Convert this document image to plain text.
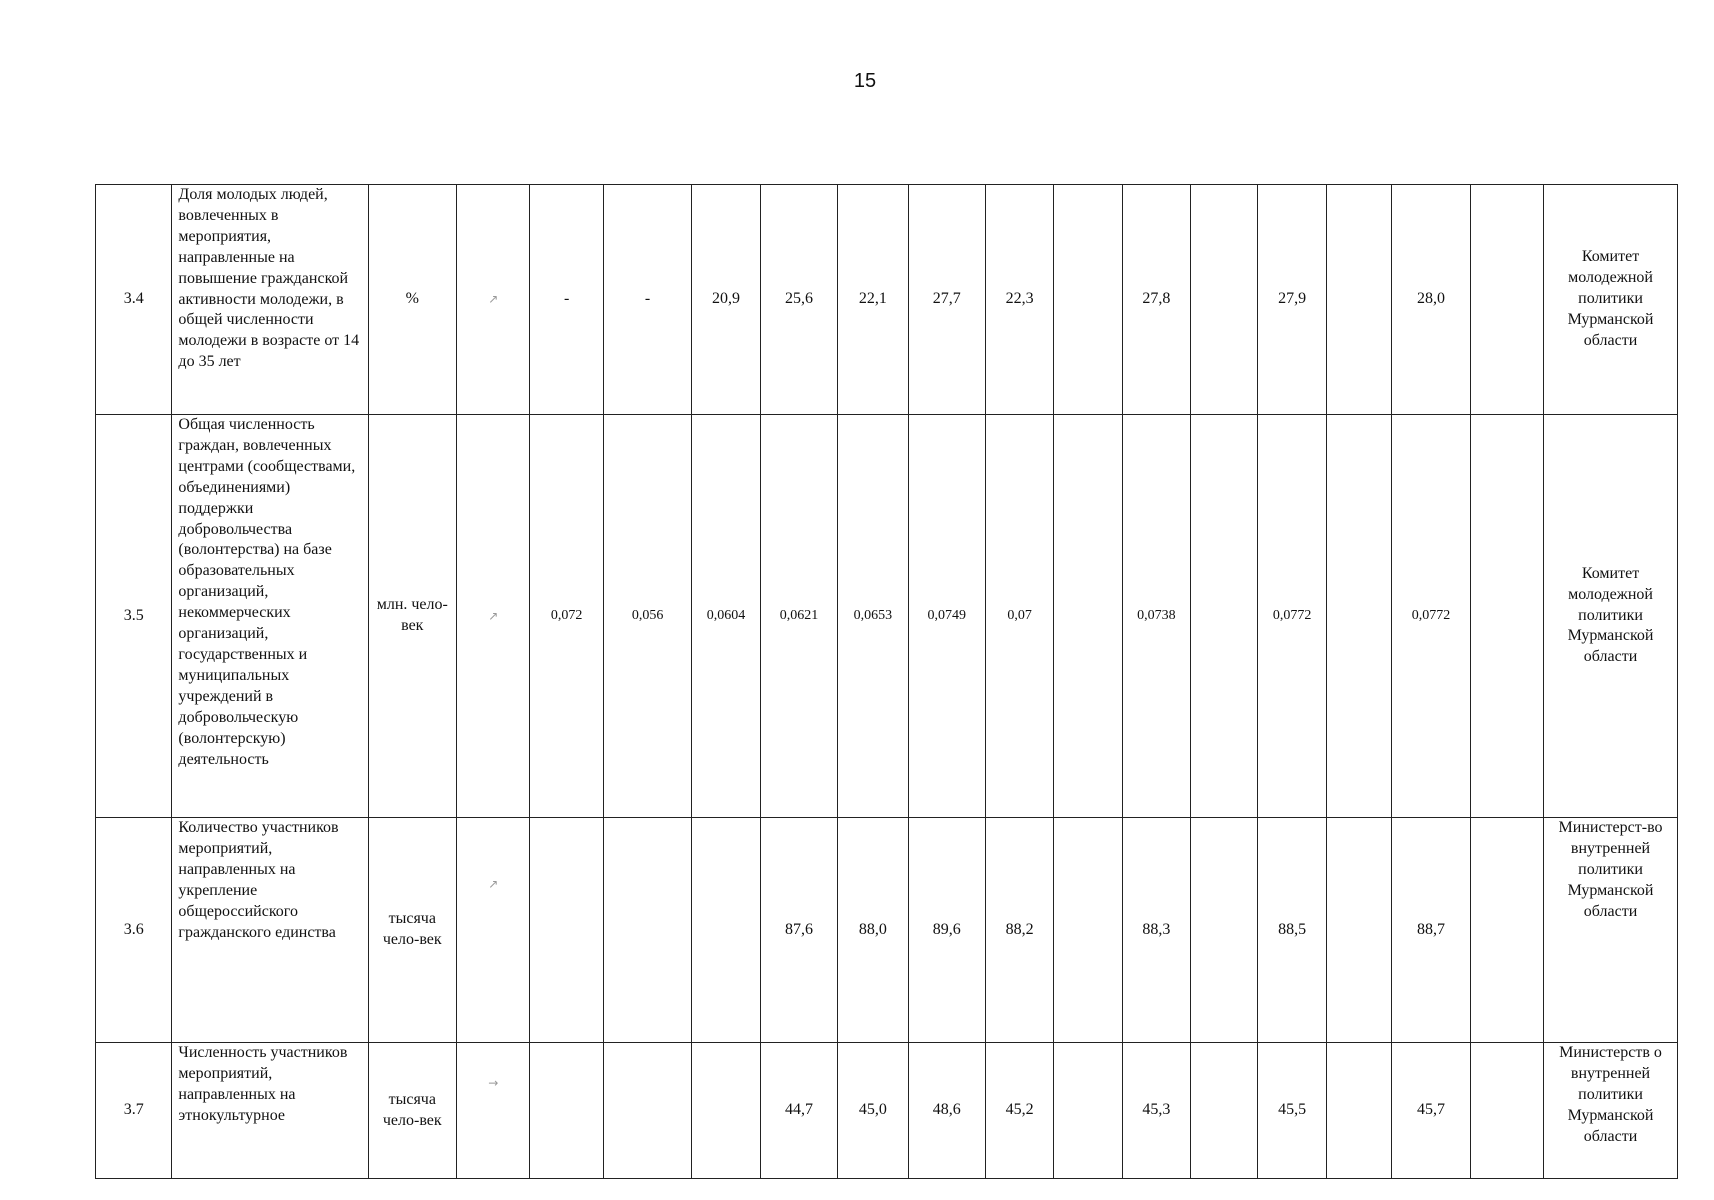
15
3.4	Доля молодых людей, вовлеченных в мероприятия, направленные на повышение гражданской активности молодежи, в общей численности молодежи в возрасте от 14 до 35 лет	%	↗	-	-	20,9	25,6	22,1	27,7	22,3		27,8		27,9		28,0		Комитет молодежной политики Мурманской области
3.5	Общая численность граждан, вовлеченных центрами (сообществами, объединениями) поддержки добровольчества (волонтерства) на базе образовательных организаций, некоммерческих организаций, государственных и муниципальных учреждений в добровольческую (волонтерскую) деятельность	млн. чело-век	↗	0,072	0,056	0,0604	0,0621	0,0653	0,0749	0,07		0,0738		0,0772		0,0772		Комитет молодежной политики Мурманской области
3.6	Количество участников мероприятий, направленных на укрепление общероссийского гражданского единства	тысяча чело-век	↗				87,6	88,0	89,6	88,2		88,3		88,5		88,7		Министерст-во внутренней политики Мурманской области
3.7	Численность участников мероприятий, направленных на этнокультурное	тысяча чело-век	→				44,7	45,0	48,6	45,2		45,3		45,5		45,7		Министерств о внутренней политики Мурманской области
